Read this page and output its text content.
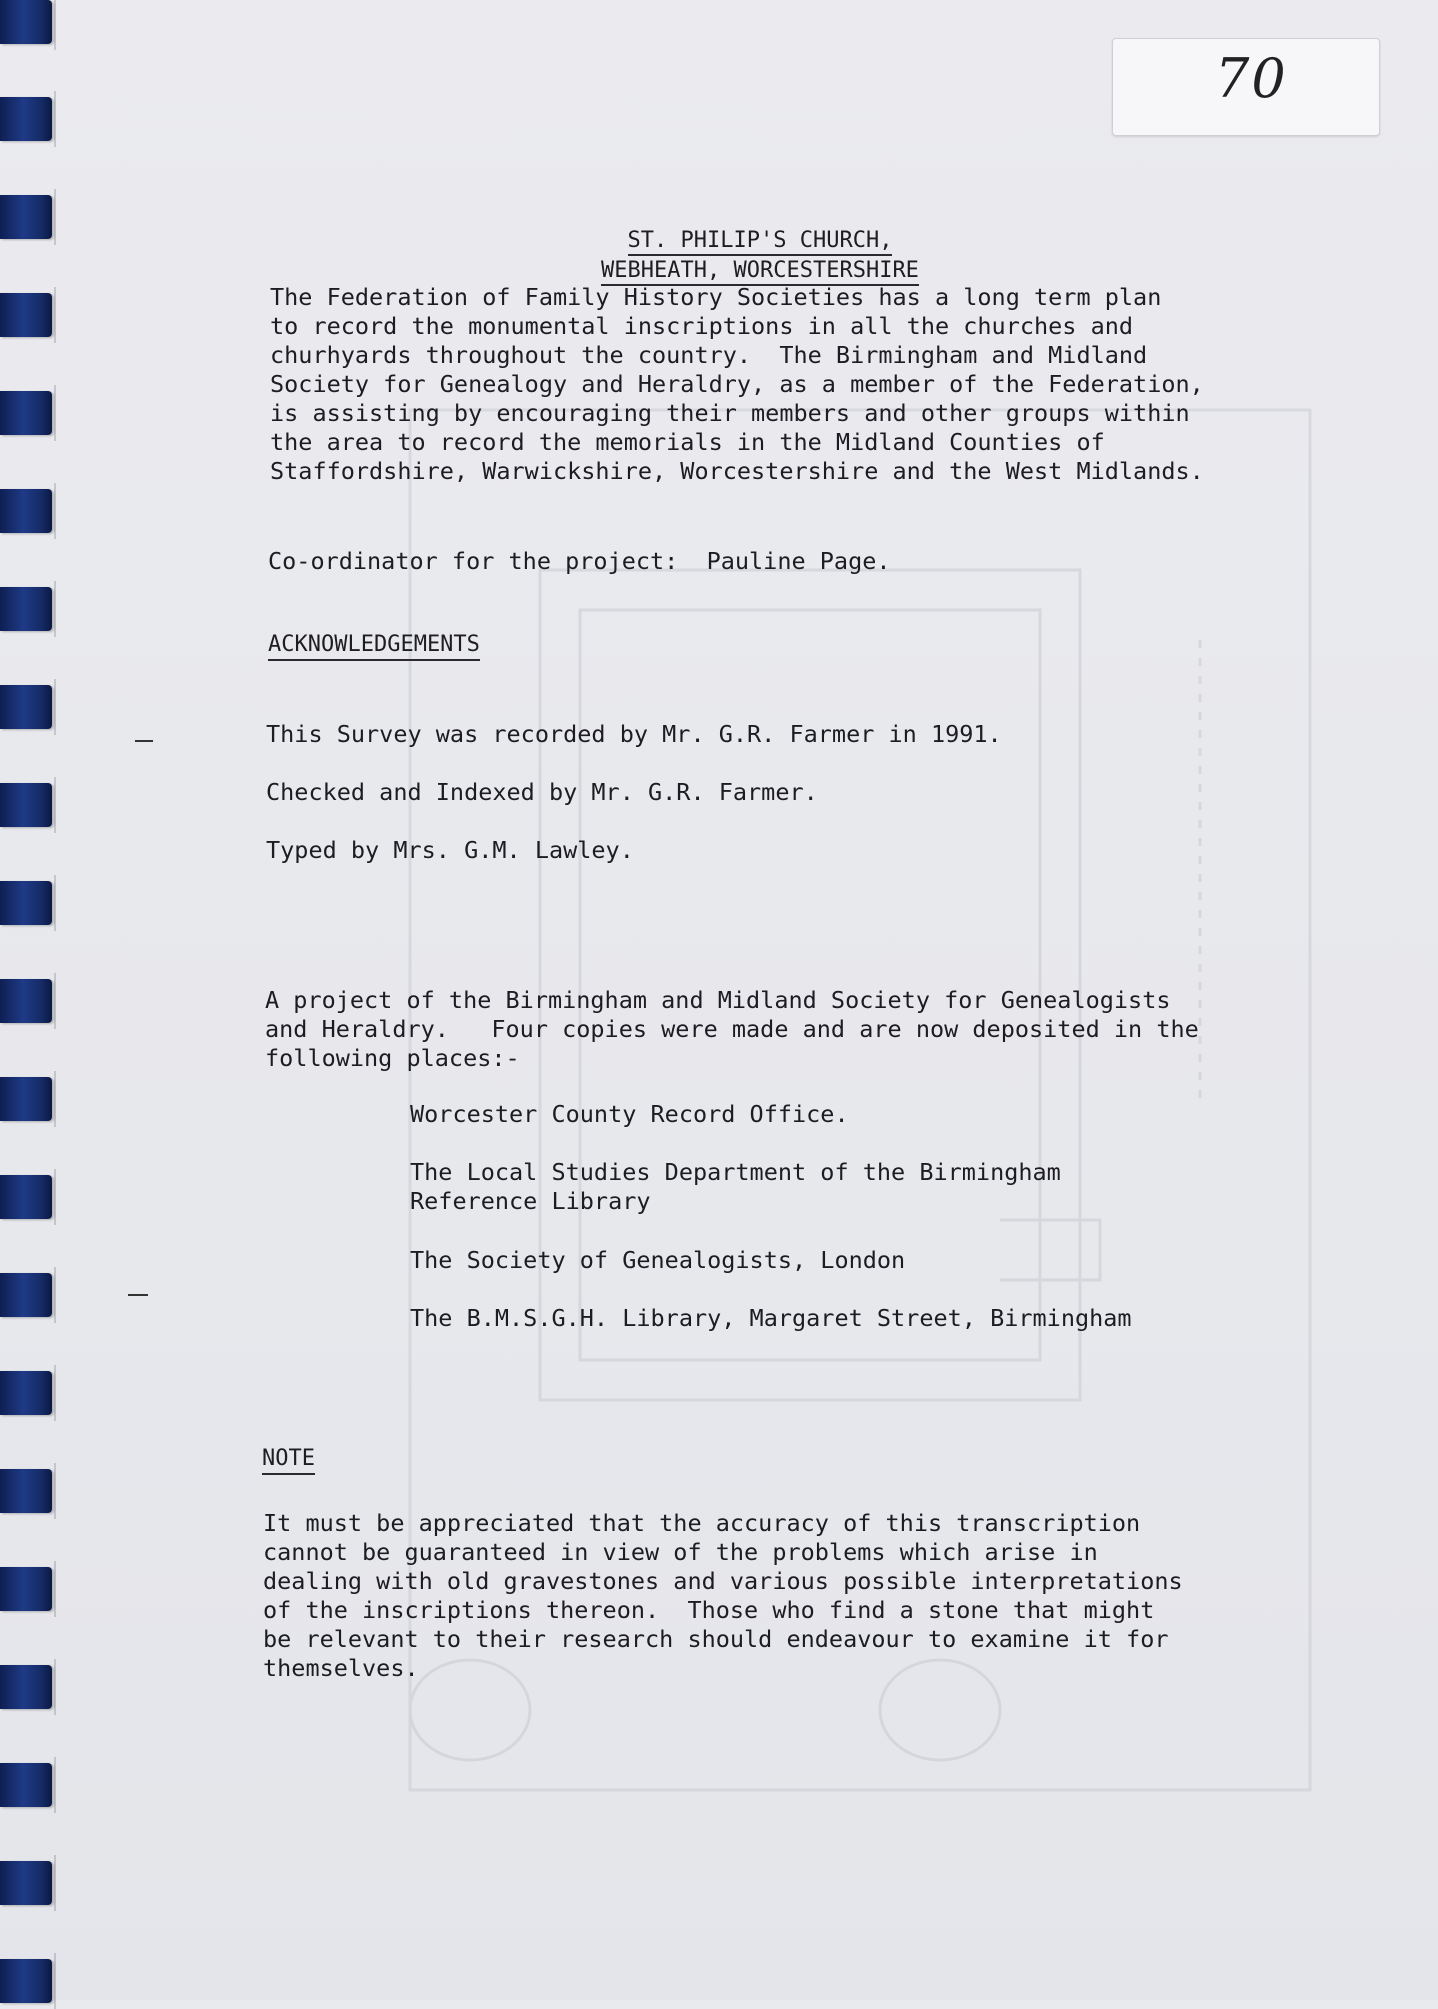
70
ST. PHILIP'S CHURCH,
WEBHEATH, WORCESTERSHIRE
The Federation of Family History Societies has a long term plan
to record the monumental inscriptions in all the churches and
churhyards throughout the country.  The Birmingham and Midland
Society for Genealogy and Heraldry, as a member of the Federation,
is assisting by encouraging their members and other groups within
the area to record the memorials in the Midland Counties of
Staffordshire, Warwickshire, Worcestershire and the West Midlands.
Co-ordinator for the project:  Pauline Page.
ACKNOWLEDGEMENTS
This Survey was recorded by Mr. G.R. Farmer in 1991.
Checked and Indexed by Mr. G.R. Farmer.
Typed by Mrs. G.M. Lawley.
A project of the Birmingham and Midland Society for Genealogists
and Heraldry.   Four copies were made and are now deposited in the
following places:-
Worcester County Record Office.
The Local Studies Department of the Birmingham
Reference Library
The Society of Genealogists, London
The B.M.S.G.H. Library, Margaret Street, Birmingham
NOTE
It must be appreciated that the accuracy of this transcription
cannot be guaranteed in view of the problems which arise in
dealing with old gravestones and various possible interpretations
of the inscriptions thereon.  Those who find a stone that might
be relevant to their research should endeavour to examine it for
themselves.
